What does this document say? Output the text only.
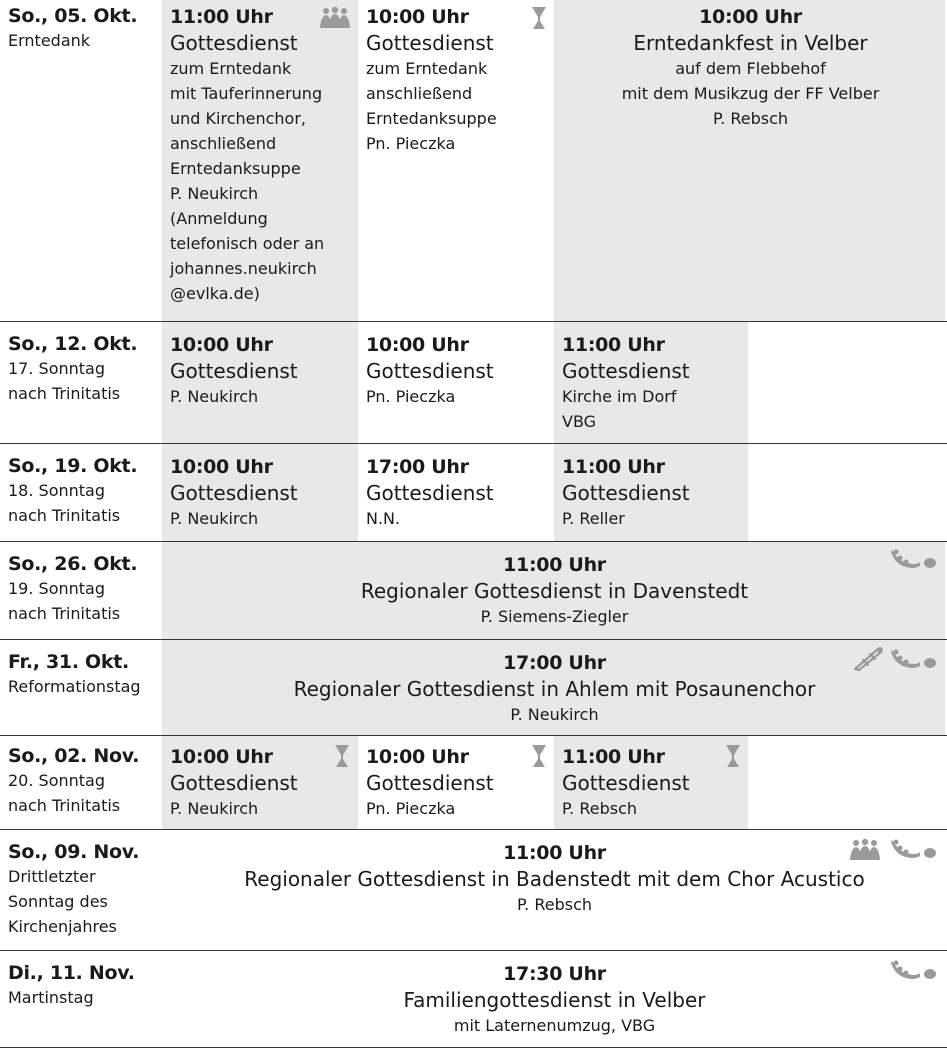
So., 05. Okt.
Erntedank
11:00 Uhr
Gottesdienst
zum Erntedank
mit Tauferinnerung
und Kirchenchor,
anschließend
Erntedanksuppe
P. Neukirch
(Anmeldung
telefonisch oder an
johannes.neukirch
@evlka.de)
10:00 Uhr
Gottesdienst
zum Erntedank
anschließend
Erntedanksuppe
Pn. Pieczka
10:00 Uhr
Erntedankfest in Velber
auf dem Flebbehof
mit dem Musikzug der FF Velber
P. Rebsch
So., 12. Okt.
17. Sonntag
nach Trinitatis
10:00 Uhr
Gottesdienst
P. Neukirch
10:00 Uhr
Gottesdienst
Pn. Pieczka
11:00 Uhr
Gottesdienst
Kirche im Dorf
VBG
So., 19. Okt.
18. Sonntag
nach Trinitatis
10:00 Uhr
Gottesdienst
P. Neukirch
17:00 Uhr
Gottesdienst
N.N.
11:00 Uhr
Gottesdienst
P. Reller
So., 26. Okt.
19. Sonntag
nach Trinitatis
11:00 Uhr
Regionaler Gottesdienst in Davenstedt
P. Siemens-Ziegler
Fr., 31. Okt.
Reformationstag
17:00 Uhr
Regionaler Gottesdienst in Ahlem mit Posaunenchor
P. Neukirch
So., 02. Nov.
20. Sonntag
nach Trinitatis
10:00 Uhr
Gottesdienst
P. Neukirch
10:00 Uhr
Gottesdienst
Pn. Pieczka
11:00 Uhr
Gottesdienst
P. Rebsch
So., 09. Nov.
Drittletzter
Sonntag des
Kirchenjahres
11:00 Uhr
Regionaler Gottesdienst in Badenstedt mit dem Chor Acustico
P. Rebsch
Di., 11. Nov.
Martinstag
17:30 Uhr
Familiengottesdienst in Velber
mit Laternenumzug, VBG
